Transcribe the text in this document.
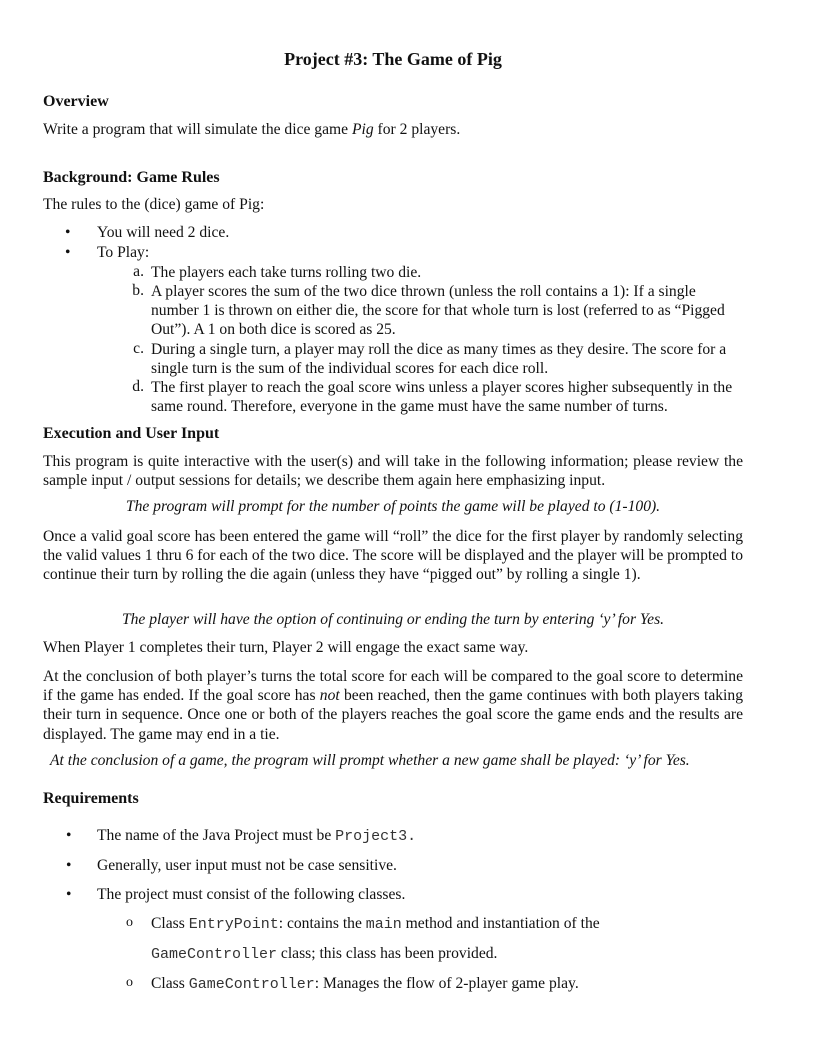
Project #3: The Game of Pig
Overview
Write a program that will simulate the dice game Pig for 2 players.
Background: Game Rules
The rules to the (dice) game of Pig:
• You will need 2 dice.
• To Play:
a. The players each take turns rolling two die.
b. A player scores the sum of the two dice thrown (unless the roll contains a 1): If a single number 1 is thrown on either die, the score for that whole turn is lost (referred to as “Pigged Out”). A 1 on both dice is scored as 25.
c. During a single turn, a player may roll the dice as many times as they desire. The score for a single turn is the sum of the individual scores for each dice roll.
d. The first player to reach the goal score wins unless a player scores higher subsequently in the same round. Therefore, everyone in the game must have the same number of turns.
Execution and User Input
This program is quite interactive with the user(s) and will take in the following information; please review the sample input / output sessions for details; we describe them again here emphasizing input.
The program will prompt for the number of points the game will be played to (1-100).
Once a valid goal score has been entered the game will “roll” the dice for the first player by randomly selecting the valid values 1 thru 6 for each of the two dice. The score will be displayed and the player will be prompted to continue their turn by rolling the die again (unless they have “pigged out” by rolling a single 1).
The player will have the option of continuing or ending the turn by entering ‘y’ for Yes.
When Player 1 completes their turn, Player 2 will engage the exact same way.
At the conclusion of both player’s turns the total score for each will be compared to the goal score to determine if the game has ended. If the goal score has not been reached, then the game continues with both players taking their turn in sequence. Once one or both of the players reaches the goal score the game ends and the results are displayed. The game may end in a tie.
At the conclusion of a game, the program will prompt whether a new game shall be played: ‘y’ for Yes.
Requirements
• The name of the Java Project must be Project3.
• Generally, user input must not be case sensitive.
• The project must consist of the following classes.
o Class EntryPoint: contains the main method and instantiation of the
GameController class; this class has been provided.
o Class GameController: Manages the flow of 2-player game play.
